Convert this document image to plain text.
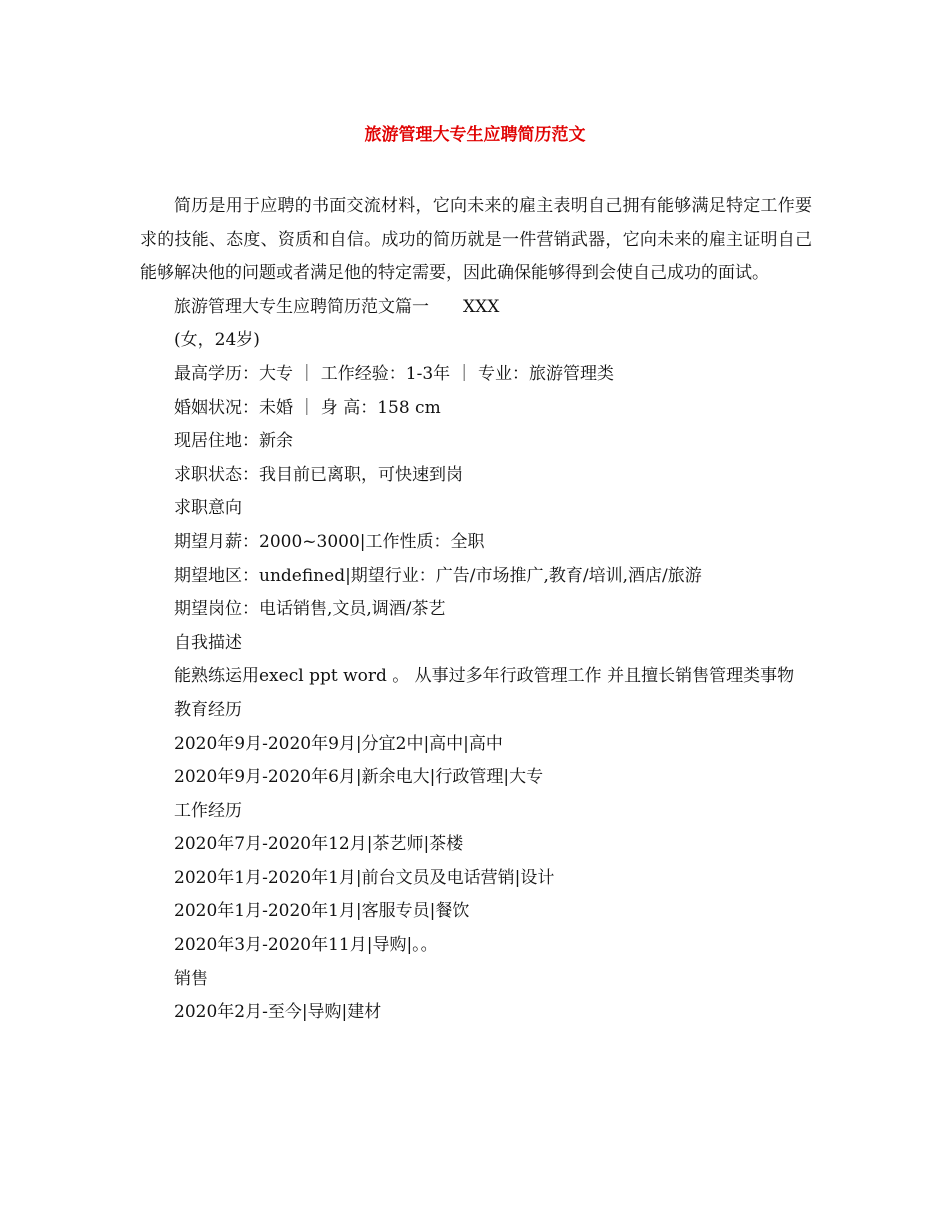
旅游管理大专生应聘简历范文

简历是用于应聘的书面交流材料，它向未来的雇主表明自己拥有能够满足特定工作要求的技能、态度、资质和自信。成功的简历就是一件营销武器，它向未来的雇主证明自己能够解决他的问题或者满足他的特定需要，因此确保能够得到会使自己成功的面试。

旅游管理大专生应聘简历范文篇一　　XXX
(女，24岁)
最高学历：大专 ｜ 工作经验：1-3年 ｜ 专业：旅游管理类
婚姻状况：未婚 ｜ 身 高：158 cm
现居住地：新余
求职状态：我目前已离职，可快速到岗
求职意向
期望月薪：2000~3000|工作性质：全职
期望地区：undefined|期望行业：广告/市场推广,教育/培训,酒店/旅游
期望岗位：电话销售,文员,调酒/茶艺
自我描述
能熟练运用execl ppt word 。 从事过多年行政管理工作 并且擅长销售管理类事物
教育经历
2020年9月-2020年9月|分宜2中|高中|高中
2020年9月-2020年6月|新余电大|行政管理|大专
工作经历
2020年7月-2020年12月|茶艺师|茶楼
2020年1月-2020年1月|前台文员及电话营销|设计
2020年1月-2020年1月|客服专员|餐饮
2020年3月-2020年11月|导购|。。
销售
2020年2月-至今|导购|建材
